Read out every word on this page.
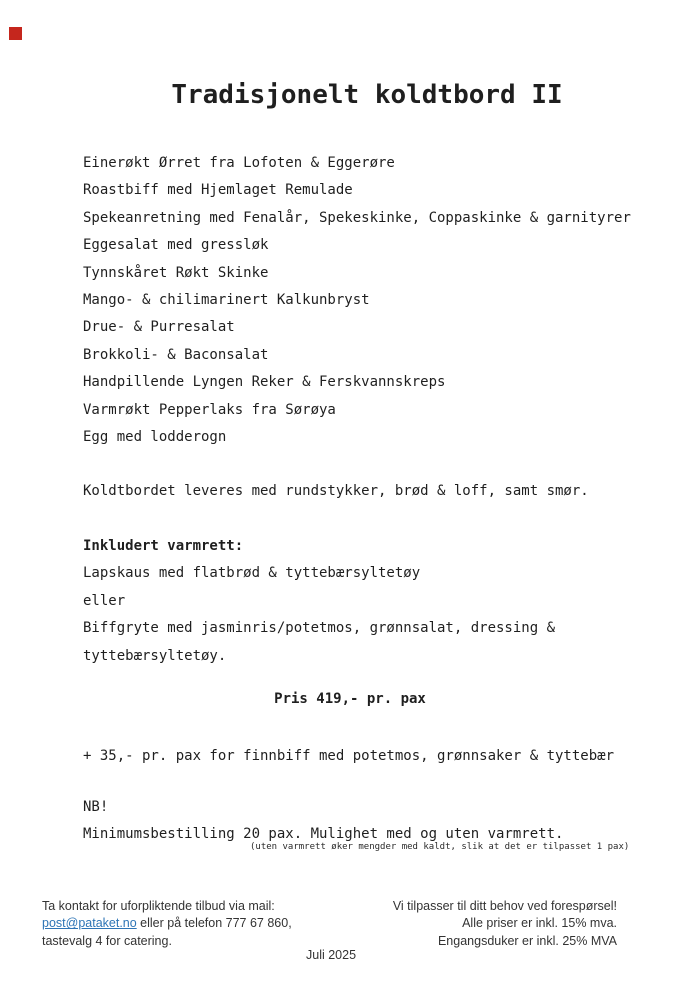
Tradisjonelt koldtbord II
Einerøkt Ørret fra Lofoten & Eggerøre
Roastbiff med Hjemlaget Remulade
Spekeanretning med Fenalår, Spekeskinke, Coppaskinke & garnityrer
Eggesalat med gressløk
Tynnskåret Røkt Skinke
Mango- & chilimarinert Kalkunbryst
Drue- & Purresalat
Brokkoli- & Baconsalat
Handpillende Lyngen Reker & Ferskvannskreps
Varmrøkt Pepperlaks fra Sørøya
Egg med lodderogn
Koldtbordet leveres med rundstykker, brød & loff, samt smør.
Inkludert varmrett:
Lapskaus med flatbrød & tyttebærsyltetøy
eller
Biffgryte med jasminris/potetmos, grønnsalat, dressing & tyttebærsyltetøy.
Pris 419,- pr. pax
+ 35,- pr. pax for finnbiff med potetmos, grønnsaker & tyttebær
NB!
Minimumsbestilling 20 pax. Mulighet med og uten varmrett.
(uten varmrett øker mengder med kaldt, slik at det er tilpasset 1 pax)
Ta kontakt for uforpliktende tilbud via mail:
post@pataket.no eller på telefon 777 67 860,
tastevalg 4 for catering.
Vi tilpasser til ditt behov ved forespørsel!
Alle priser er inkl. 15% mva.
Engangsduker er inkl. 25% MVA
Juli 2025
